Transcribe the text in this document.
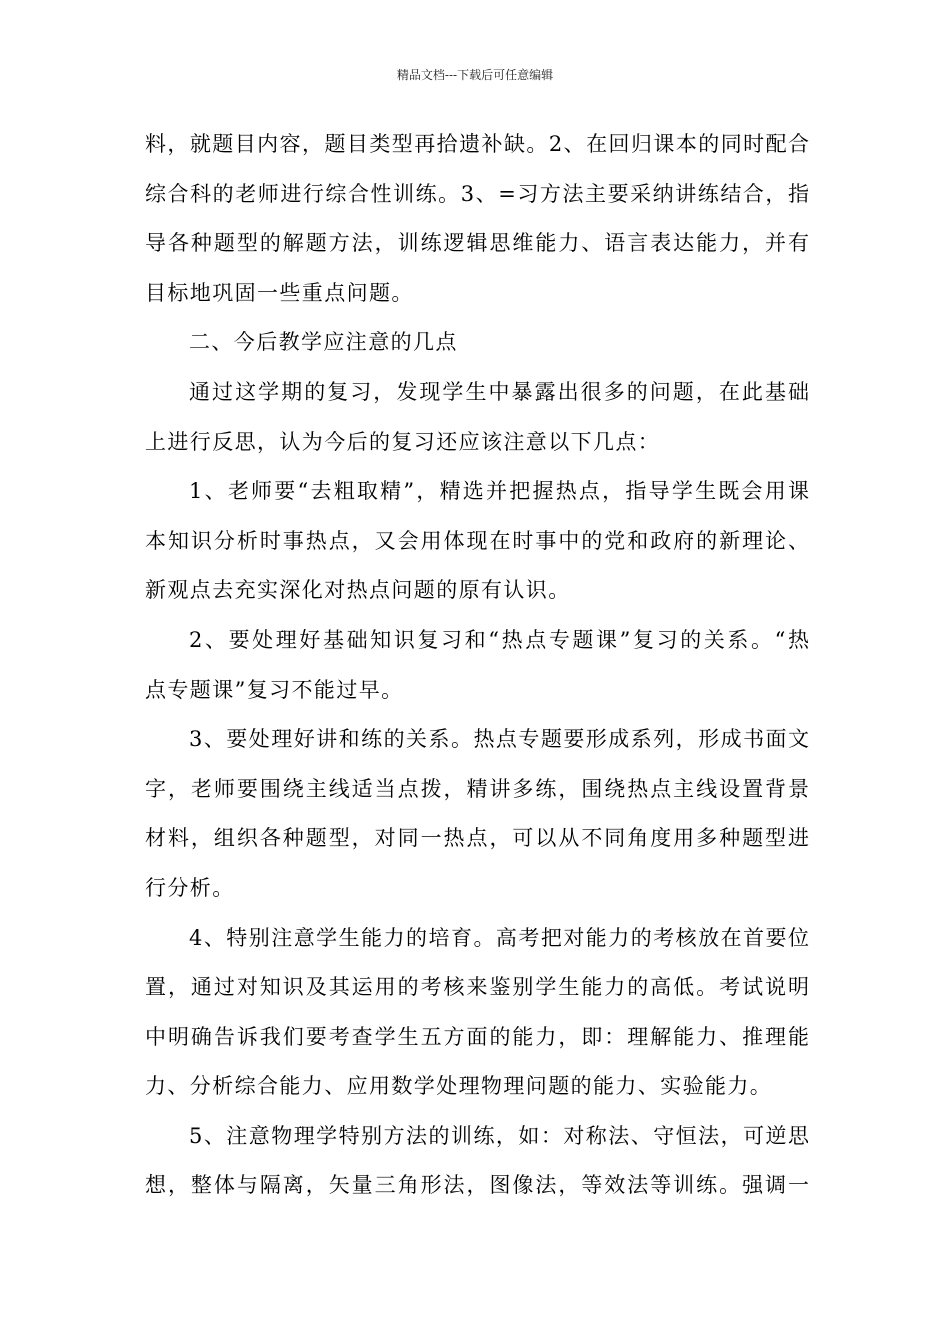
精品文档---下载后可任意编辑
料，就题目内容，题目类型再拾遗补缺。2、在回归课本的同时配合
综合科的老师进行综合性训练。3、=习方法主要采纳讲练结合，指
导各种题型的解题方法，训练逻辑思维能力、语言表达能力，并有
目标地巩固一些重点问题。
二、今后教学应注意的几点
通过这学期的复习，发现学生中暴露出很多的问题，在此基础
上进行反思，认为今后的复习还应该注意以下几点：
1、老师要“去粗取精”，精选并把握热点，指导学生既会用课
本知识分析时事热点，又会用体现在时事中的党和政府的新理论、
新观点去充实深化对热点问题的原有认识。
2、要处理好基础知识复习和“热点专题课”复习的关系。“热
点专题课”复习不能过早。
3、要处理好讲和练的关系。热点专题要形成系列，形成书面文
字，老师要围绕主线适当点拨，精讲多练，围绕热点主线设置背景
材料，组织各种题型，对同一热点，可以从不同角度用多种题型进
行分析。
4、特别注意学生能力的培育。高考把对能力的考核放在首要位
置，通过对知识及其运用的考核来鉴别学生能力的高低。考试说明
中明确告诉我们要考查学生五方面的能力，即：理解能力、推理能
力、分析综合能力、应用数学处理物理问题的能力、实验能力。
5、注意物理学特别方法的训练，如：对称法、守恒法，可逆思
想，整体与隔离，矢量三角形法，图像法，等效法等训练。强调一
